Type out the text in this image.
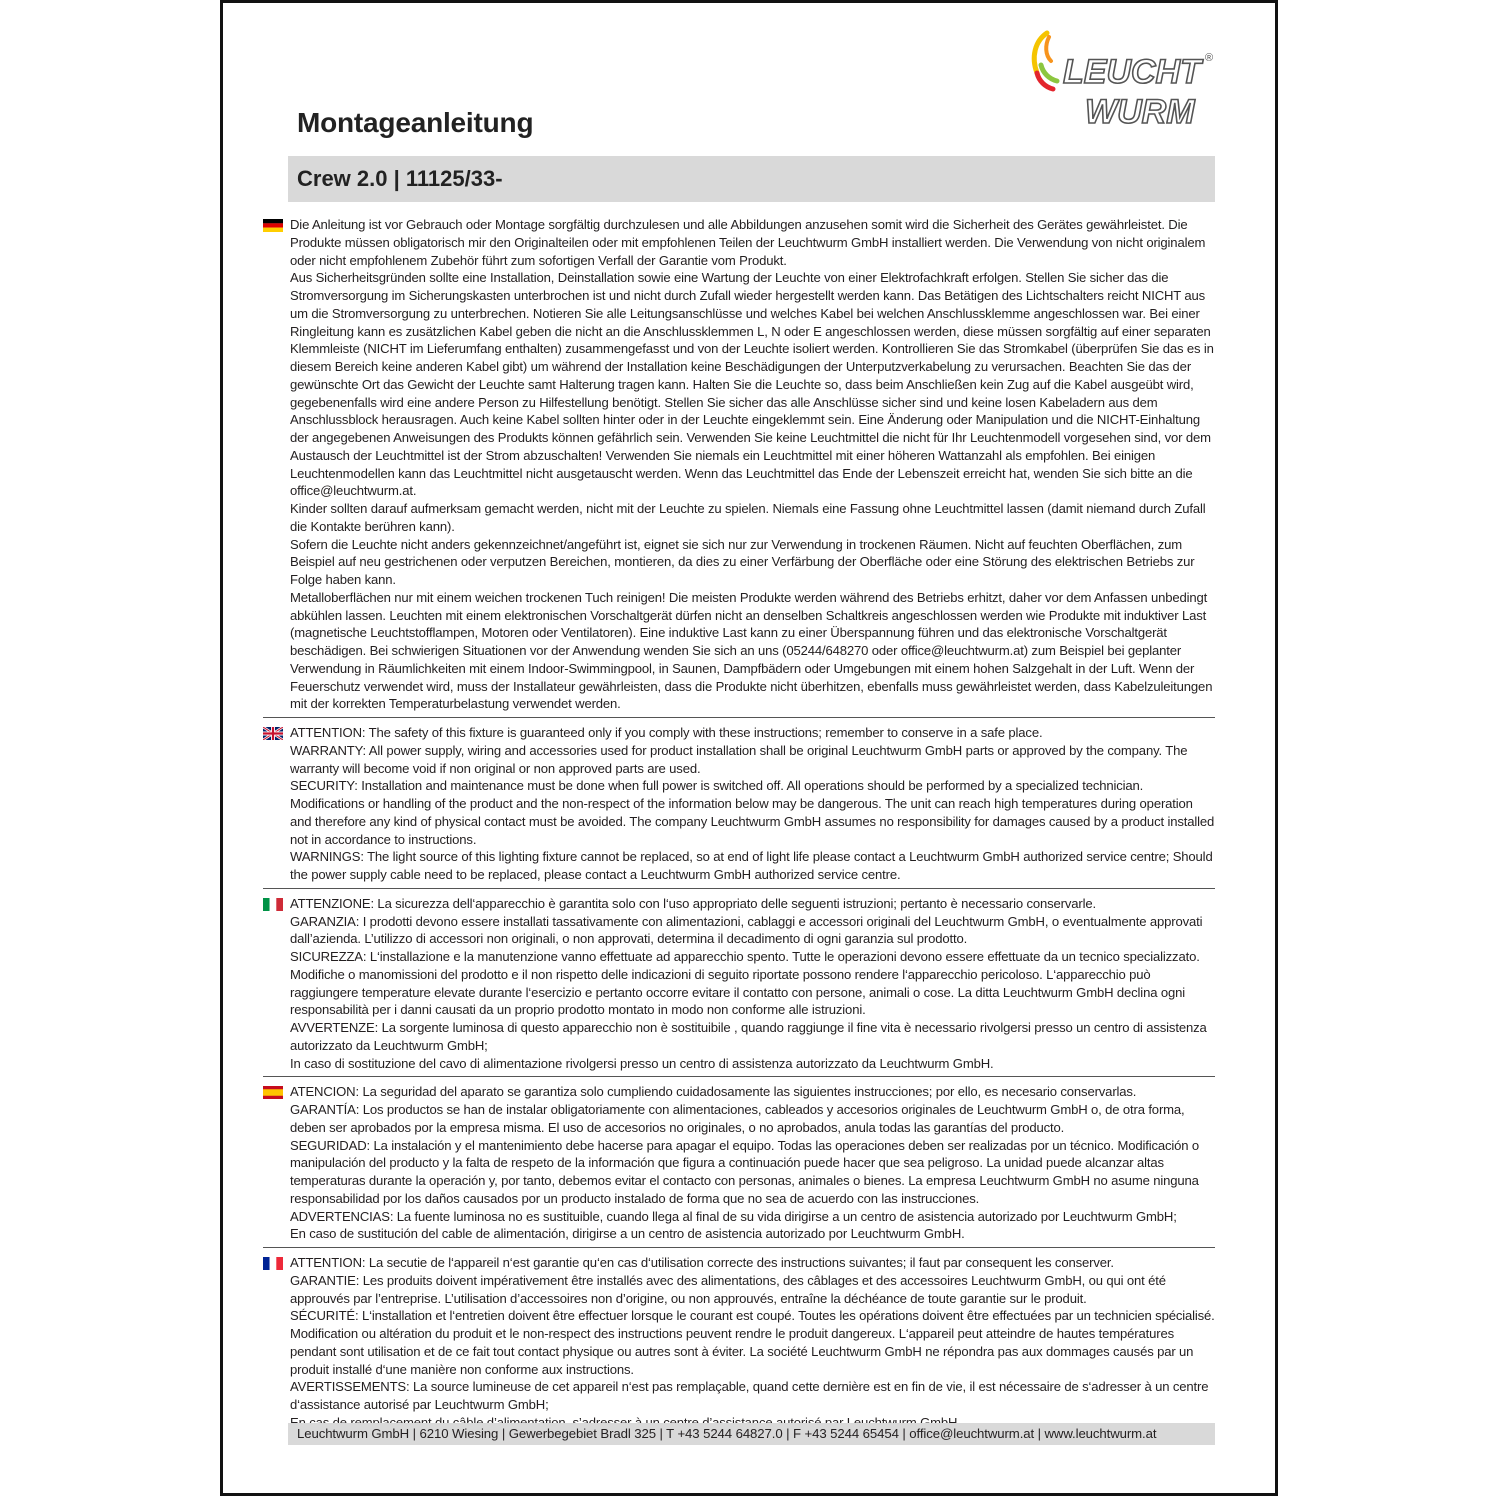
LEUCHT ®
WURM
Montageanleitung
Crew 2.0 | 11125/33-

Die Anleitung ist vor Gebrauch oder Montage sorgfältig durchzulesen und alle Abbildungen anzusehen somit wird die Sicherheit des Gerätes gewährleistet. Die Produkte müssen obligatorisch mir den Originalteilen oder mit empfohlenen Teilen der Leuchtwurm GmbH installiert werden. Die Verwendung von nicht originalem oder nicht empfohlenem Zubehör führt zum sofortigen Verfall der Garantie vom Produkt.

Aus Sicherheitsgründen sollte eine Installation, Deinstallation sowie eine Wartung der Leuchte von einer Elektrofachkraft erfolgen. Stellen Sie sicher das die Stromversorgung im Sicherungskasten unterbrochen ist und nicht durch Zufall wieder hergestellt werden kann. Das Betätigen des Lichtschalters reicht NICHT aus um die Stromversorgung zu unterbrechen. Notieren Sie alle Leitungsanschlüsse und welches Kabel bei welchen Anschlussklemme angeschlossen war. Bei einer Ringleitung kann es zusätzlichen Kabel geben die nicht an die Anschlussklemmen L, N oder E angeschlossen werden, diese müssen sorgfältig auf einer separaten Klemmleiste (NICHT im Lieferumfang enthalten) zusammengefasst und von der Leuchte isoliert werden. Kontrollieren Sie das Stromkabel (überprüfen Sie das es in diesem Bereich keine anderen Kabel gibt) um während der Installation keine Beschädigungen der Unterputzverkabelung zu verursachen. Beachten Sie das der gewünschte Ort das Gewicht der Leuchte samt Halterung tragen kann. Halten Sie die Leuchte so, dass beim Anschließen kein Zug auf die Kabel ausgeübt wird, gegebenenfalls wird eine andere Person zu Hilfestellung benötigt. Stellen Sie sicher das alle Anschlüsse sicher sind und keine losen Kabeladern aus dem Anschlussblock herausragen. Auch keine Kabel sollten hinter oder in der Leuchte eingeklemmt sein. Eine Änderung oder Manipulation und die NICHT-Einhaltung der angegebenen Anweisungen des Produkts können gefährlich sein. Verwenden Sie keine Leuchtmittel die nicht für Ihr Leuchtenmodell vorgesehen sind, vor dem Austausch der Leuchtmittel ist der Strom abzuschalten! Verwenden Sie niemals ein Leuchtmittel mit einer höheren Wattanzahl als empfohlen. Bei einigen Leuchtenmodellen kann das Leuchtmittel nicht ausgetauscht werden. Wenn das Leuchtmittel das Ende der Lebenszeit erreicht hat, wenden Sie sich bitte an die office@leuchtwurm.at.

Kinder sollten darauf aufmerksam gemacht werden, nicht mit der Leuchte zu spielen. Niemals eine Fassung ohne Leuchtmittel lassen (damit niemand durch Zufall die Kontakte berühren kann).

Sofern die Leuchte nicht anders gekennzeichnet/angeführt ist, eignet sie sich nur zur Verwendung in trockenen Räumen. Nicht auf feuchten Oberflächen, zum Beispiel auf neu gestrichenen oder verputzen Bereichen, montieren, da dies zu einer Verfärbung der Oberfläche oder eine Störung des elektrischen Betriebs zur Folge haben kann.

Metalloberflächen nur mit einem weichen trockenen Tuch reinigen! Die meisten Produkte werden während des Betriebs erhitzt, daher vor dem Anfassen unbedingt abkühlen lassen. Leuchten mit einem elektronischen Vorschaltgerät dürfen nicht an denselben Schaltkreis angeschlossen werden wie Produkte mit induktiver Last (magnetische Leuchtstofflampen, Motoren oder Ventilatoren). Eine induktive Last kann zu einer Überspannung führen und das elektronische Vorschaltgerät beschädigen. Bei schwierigen Situationen vor der Anwendung wenden Sie sich an uns (05244/648270 oder office@leuchtwurm.at) zum Beispiel bei geplanter Verwendung in Räumlichkeiten mit einem Indoor-Swimmingpool, in Saunen, Dampfbädern oder Umgebungen mit einem hohen Salzgehalt in der Luft. Wenn der Feuerschutz verwendet wird, muss der Installateur gewährleisten, dass die Produkte nicht überhitzen, ebenfalls muss gewährleistet werden, dass Kabelzuleitungen mit der korrekten Temperaturbelastung verwendet werden.

ATTENTION: The safety of this fixture is guaranteed only if you comply with these instructions; remember to conserve in a safe place.

WARRANTY: All power supply, wiring and accessories used for product installation shall be original Leuchtwurm GmbH parts or approved by the company. The warranty will become void if non original or non approved parts are used.

SECURITY: Installation and maintenance must be done when full power is switched off. All operations should be performed by a specialized technician. Modifications or handling of the product and the non-respect of the information below may be dangerous. The unit can reach high temperatures during operation and therefore any kind of physical contact must be avoided. The company Leuchtwurm GmbH assumes no responsibility for damages caused by a product installed not in accordance to instructions.

WARNINGS: The light source of this lighting fixture cannot be replaced, so at end of light life please contact a Leuchtwurm GmbH authorized service centre; Should the power supply cable need to be replaced, please contact a Leuchtwurm GmbH authorized service centre.

ATTENZIONE: La sicurezza dell‘apparecchio è garantita solo con l‘uso appropriato delle seguenti istruzioni; pertanto è necessario conservarle.

GARANZIA: I prodotti devono essere installati tassativamente con alimentazioni, cablaggi e accessori originali del Leuchtwurm GmbH, o eventualmente approvati dall’azienda. L’utilizzo di accessori non originali, o non approvati, determina il decadimento di ogni garanzia sul prodotto.

SICUREZZA: L‘installazione e la manutenzione vanno effettuate ad apparecchio spento. Tutte le operazioni devono essere effettuate da un tecnico specializzato. Modifiche o manomissioni del prodotto e il non rispetto delle indicazioni di seguito riportate possono rendere l‘apparecchio pericoloso. L‘apparecchio può raggiungere temperature elevate durante l‘esercizio e pertanto occorre evitare il contatto con persone, animali o cose. La ditta Leuchtwurm GmbH declina ogni responsabilità per i danni causati da un proprio prodotto montato in modo non conforme alle istruzioni.

AVVERTENZE: La sorgente luminosa di questo apparecchio non è sostituibile , quando raggiunge il fine vita è necessario rivolgersi presso un centro di assistenza autorizzato da Leuchtwurm GmbH;

In caso di sostituzione del cavo di alimentazione rivolgersi presso un centro di assistenza autorizzato da Leuchtwurm GmbH.

ATENCION: La seguridad del aparato se garantiza solo cumpliendo cuidadosamente las siguientes instrucciones; por ello, es necesario conservarlas.

GARANTÍA: Los productos se han de instalar obligatoriamente con alimentaciones, cableados y accesorios originales de Leuchtwurm GmbH o, de otra forma, deben ser aprobados por la empresa misma. El uso de accesorios no originales, o no aprobados, anula todas las garantías del producto.

SEGURIDAD: La instalación y el mantenimiento debe hacerse para apagar el equipo. Todas las operaciones deben ser realizadas por un técnico. Modificación o manipulación del producto y la falta de respeto de la información que figura a continuación puede hacer que sea peligroso. La unidad puede alcanzar altas temperaturas durante la operación y, por tanto, debemos evitar el contacto con personas, animales o bienes. La empresa Leuchtwurm GmbH no asume ninguna responsabilidad por los daños causados por un producto instalado de forma que no sea de acuerdo con las instrucciones.

ADVERTENCIAS: La fuente luminosa no es sustituible, cuando llega al final de su vida dirigirse a un centro de asistencia autorizado por Leuchtwurm GmbH;

En caso de sustitución del cable de alimentación, dirigirse a un centro de asistencia autorizado por Leuchtwurm GmbH.

ATTENTION: La secutie de l‘appareil n‘est garantie qu‘en cas d‘utilisation correcte des instructions suivantes; il faut par consequent les conserver.

GARANTIE: Les produits doivent impérativement être installés avec des alimentations, des câblages et des accessoires Leuchtwurm GmbH, ou qui ont été approuvés par l’entreprise. L’utilisation d’accessoires non d’origine, ou non approuvés, entraîne la déchéance de toute garantie sur le produit.

SÉCURITÉ: L‘installation et l‘entretien doivent être effectuer lorsque le courant est coupé. Toutes les opérations doivent être effectuées par un technicien spécialisé. Modification ou altération du produit et le non-respect des instructions peuvent rendre le produit dangereux. L‘appareil peut atteindre de hautes températures pendant sont utilisation et de ce fait tout contact physique ou autres sont à éviter. La société Leuchtwurm GmbH ne répondra pas aux dommages causés par un produit installé d‘une manière non conforme aux instructions.

AVERTISSEMENTS: La source lumineuse de cet appareil n‘est pas remplaçable, quand cette dernière est en fin de vie, il est nécessaire de s‘adresser à un centre d‘assistance autorisé par Leuchtwurm GmbH;

Leuchtwurm GmbH | 6210 Wiesing | Gewerbegebiet Bradl 325 | T +43 5244 64827.0 | F +43 5244 65454 | office@leuchtwurm.at | www.leuchtwurm.at
